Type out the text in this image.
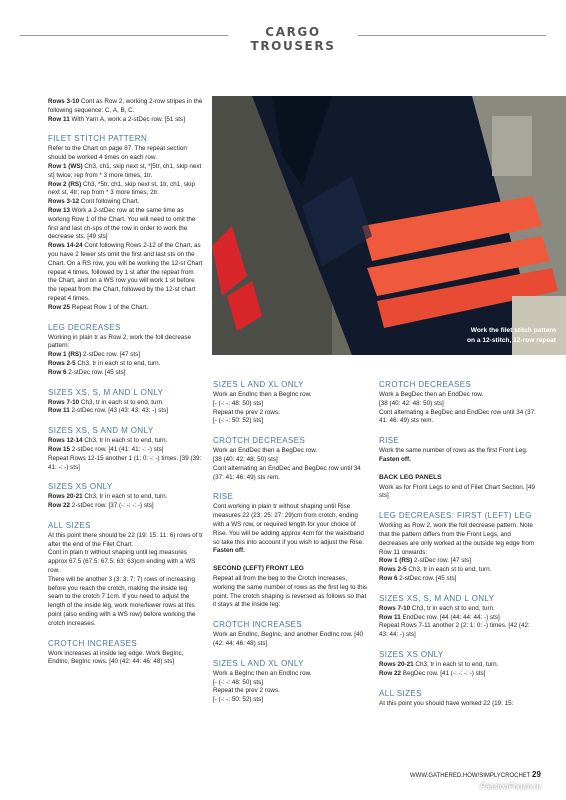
CARGO TROUSERS

Rows 3-10 Cont as Row 2, working 2-row stripes in the following sequence: C, A, B, C.

Row 11 With Yarn A, work a 2-stDec row. [51 sts]

FILET STITCH PATTERN

Refer to the Chart on page 87. The repeat section should be worked 4 times on each row.

Row 1 (WS) Ch3, ch1, skip next st, *[5tr, ch1, skip next st] twice; rep from * 3 more times, 1tr.

Row 2 (RS) Ch3, *5tr, ch1, skip next st, 1tr, ch1, skip next st, 4tr; rep from * 3 more times, 2tr.

Rows 3-12 Cont following Chart.

Row 13 Work a 2-stDec row at the same time as working Row 1 of the Chart. You will need to omit the first and last ch-sps of the row in order to work the decrease sts. [49 sts]

Rows 14-24 Cont following Rows 2-12 of the Chart, as you have 2 fewer sts omit the first and last sts on the Chart. On a RS row, you will be working the 12-st Chart repeat 4 times, followed by 1 st after the repeat from the Chart, and on a WS row you will work 1 st before the repeat from the Chart, followed by the 12-st chart repeat 4 times.

Row 25 Repeat Row 1 of the Chart.

LEG DECREASES

Working in plain tr as Row 2, work the foll decrease pattern:

Row 1 (RS) 2-stDec row. [47 sts]

Rows 2-5 Ch3, tr in each st to end, turn.

Row 6 2-stDec row. [45 sts]

SIZES XS, S, M AND L ONLY

Rows 7-10 Ch3, tr in each st to end, turn.

Row 11 2-stDec row. [43 (43: 43: 43: -) sts]

SIZES XS, S AND M ONLY

Rows 12-14 Ch3, tr in each st to end, turn.

Row 15 2-stDec row. [41 (41: 41: -: -) sts]

Repeat Rows 12-15 another 1 (1: 0: -: -) times. [39 (39: 41: -: -) sts]

SIZES XS ONLY

Rows 20-21 Ch3, tr in each st to end, turn.

Row 22 2-stDec row. [37 (-: -: -: -) sts]

ALL SIZES

At this point there should be 22 (19: 15: 11: 6) rows of tr after the end of the Filet Chart.

Cont in plain tr without shaping until leg measures approx 67.5 (67.5: 67.5: 63: 63)cm ending with a WS row.

There will be another 3 (3: 3: 7: 7) rows of increasing before you reach the crotch, making the inside leg seam to the crotch 7 1cm. If you need to adjust the length of the inside leg, work more/fewer rows at this point (also ending with a WS row) before working the crotch increases.

CROTCH INCREASES

Work increases at inside leg edge. Work BegInc, EndInc, BegInc rows. [40 (42: 44: 46: 48) sts]

Work the filet stitch pattern
on a 12-stitch, 12-row repeat
SIZES L AND XL ONLY

Work an EndInc then a BegInc row.

[- (-: -: 48: 50) sts]

Repeat the prev 2 rows.

[- (-: -: 50: 52) sts]

CROTCH DECREASES

Work an EndDec then a BegDec row.

[38 (40: 42: 48: 50) sts]

Cont alternating an EndDec and BegDec row until 34 (37: 41: 46: 49) sts rem.

RISE

Cont working in plain tr without shaping until Rise measures 22 (23: 25: 27: 29)cm from crotch, ending with a WS row, or required length for your choice of Rise. You will be adding approx 4cm for the waistband so take this into account if you wish to adjust the Rise.

Fasten off.

SECOND (LEFT) FRONT LEG

Repeat all from the beg to the Crotch Increases, working the same number of rows as the first leg to this point. The crotch shaping is reversed as follows so that it stays at the inside leg:

CROTCH INCREASES

Work an EndInc, BegInc, and another EndInc row. [40 (42: 44: 46: 48) sts]

SIZES L AND XL ONLY

Work a BegInc then an EndInc row.

[- (-: -: 48: 50) sts]

Repeat the prev 2 rows.

[- (-: -: 50: 52) sts]

CROTCH DECREASES

Work a BegDec then an EndDec row.

[38 (40: 42: 48: 50) sts]

Cont alternating a BegDec and EndDec row until 34 (37: 41: 46: 49) sts rem.

RISE

Work the same number of rows as the first Front Leg.

Fasten off.

BACK LEG PANELS

Work as for Front Legs to end of Filet Chart Section. [49 sts]

LEG DECREASES: FIRST (LEFT) LEG

Working as Row 2, work the foll decrease pattern. Note that the pattern differs from the Front Legs, and decreases are only worked at the outside leg edge from Row 11 onwards:

Row 1 (RS) 2-stDec row. [47 sts]

Rows 2-5 Ch3, tr in each st to end, turn.

Row 6 2-stDec row. [45 sts]

SIZES XS, S, M AND L ONLY

Rows 7-10 Ch3, tr in each st to end, turn.

Row 11 EndDec row. [44 (44: 44: 44: -) sts]

Repeat Rows 7-11 another 2 (2: 1: 0: -) times. [42 (42: 43: 44: -) sts]

SIZES XS ONLY

Rows 20-21 Ch3, tr in each st to end, turn.

Row 22 BegDec row. [41 (-: -: -: -) sts]

ALL SIZES

At this point you should have worked 22 (19: 15:

WWW.GATHERED.HOW/SIMPLYCROCHET 29
PassionForum.ru
